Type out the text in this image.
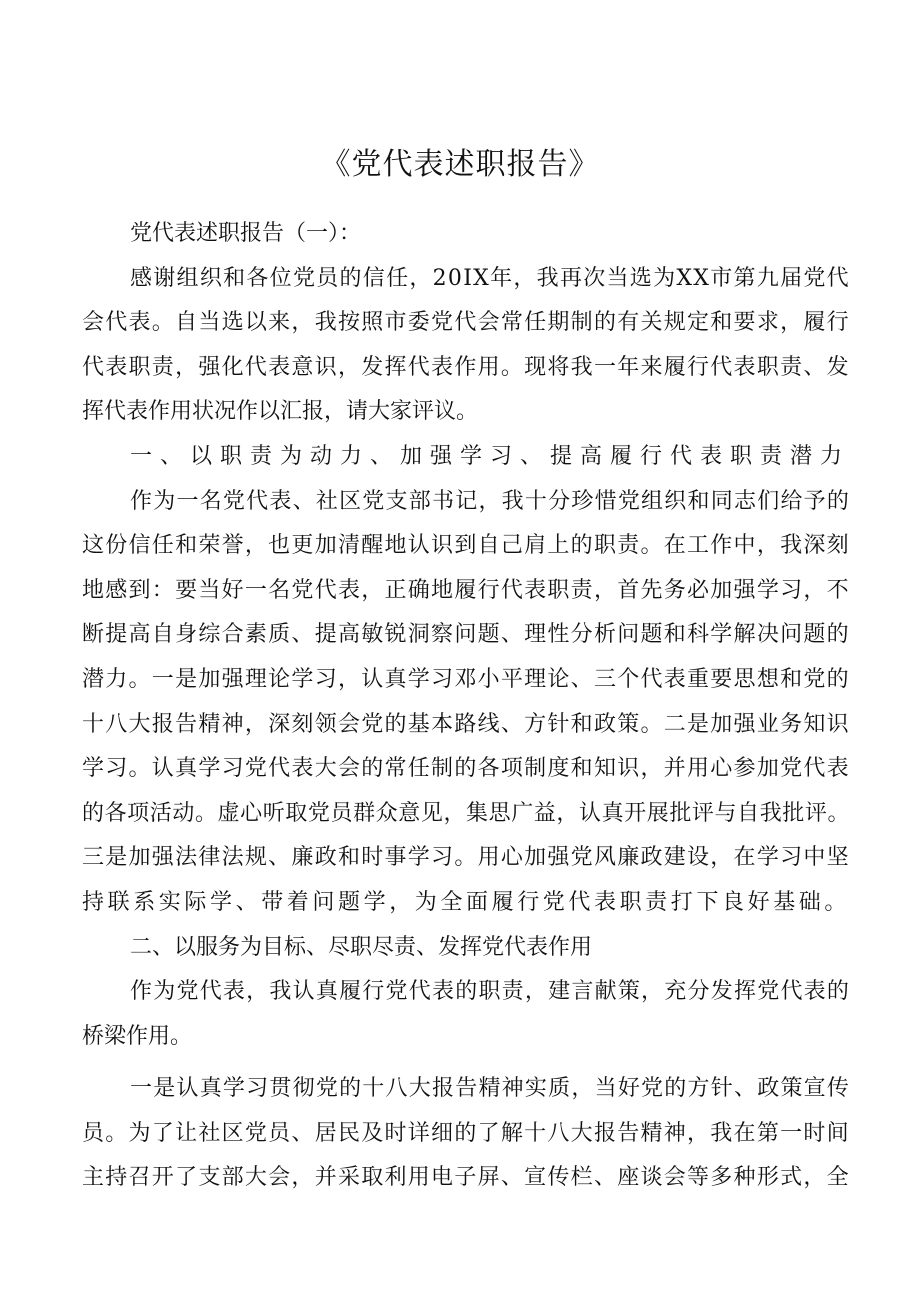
《党代表述职报告》
党代表述职报告（一）：
感谢组织和各位党员的信任，20IX年，我再次当选为XX市第九届党代
会代表。自当选以来，我按照市委党代会常任期制的有关规定和要求，履行
代表职责，强化代表意识，发挥代表作用。现将我一年来履行代表职责、发
挥代表作用状况作以汇报，请大家评议。
一、以职责为动力、加强学习、提高履行代表职责潜力
作为一名党代表、社区党支部书记，我十分珍惜党组织和同志们给予的
这份信任和荣誉，也更加清醒地认识到自己肩上的职责。在工作中，我深刻
地感到：要当好一名党代表，正确地履行代表职责，首先务必加强学习，不
断提高自身综合素质、提高敏锐洞察问题、理性分析问题和科学解决问题的
潜力。一是加强理论学习，认真学习邓小平理论、三个代表重要思想和党的
十八大报告精神，深刻领会党的基本路线、方针和政策。二是加强业务知识
学习。认真学习党代表大会的常任制的各项制度和知识，并用心参加党代表
的各项活动。虚心听取党员群众意见，集思广益，认真开展批评与自我批评。
三是加强法律法规、廉政和时事学习。用心加强党风廉政建设，在学习中坚
持联系实际学、带着问题学，为全面履行党代表职责打下良好基础。
二、以服务为目标、尽职尽责、发挥党代表作用
作为党代表，我认真履行党代表的职责，建言献策，充分发挥党代表的
桥梁作用。
一是认真学习贯彻党的十八大报告精神实质，当好党的方针、政策宣传
员。为了让社区党员、居民及时详细的了解十八大报告精神，我在第一时间
主持召开了支部大会，并采取利用电子屏、宣传栏、座谈会等多种形式，全
